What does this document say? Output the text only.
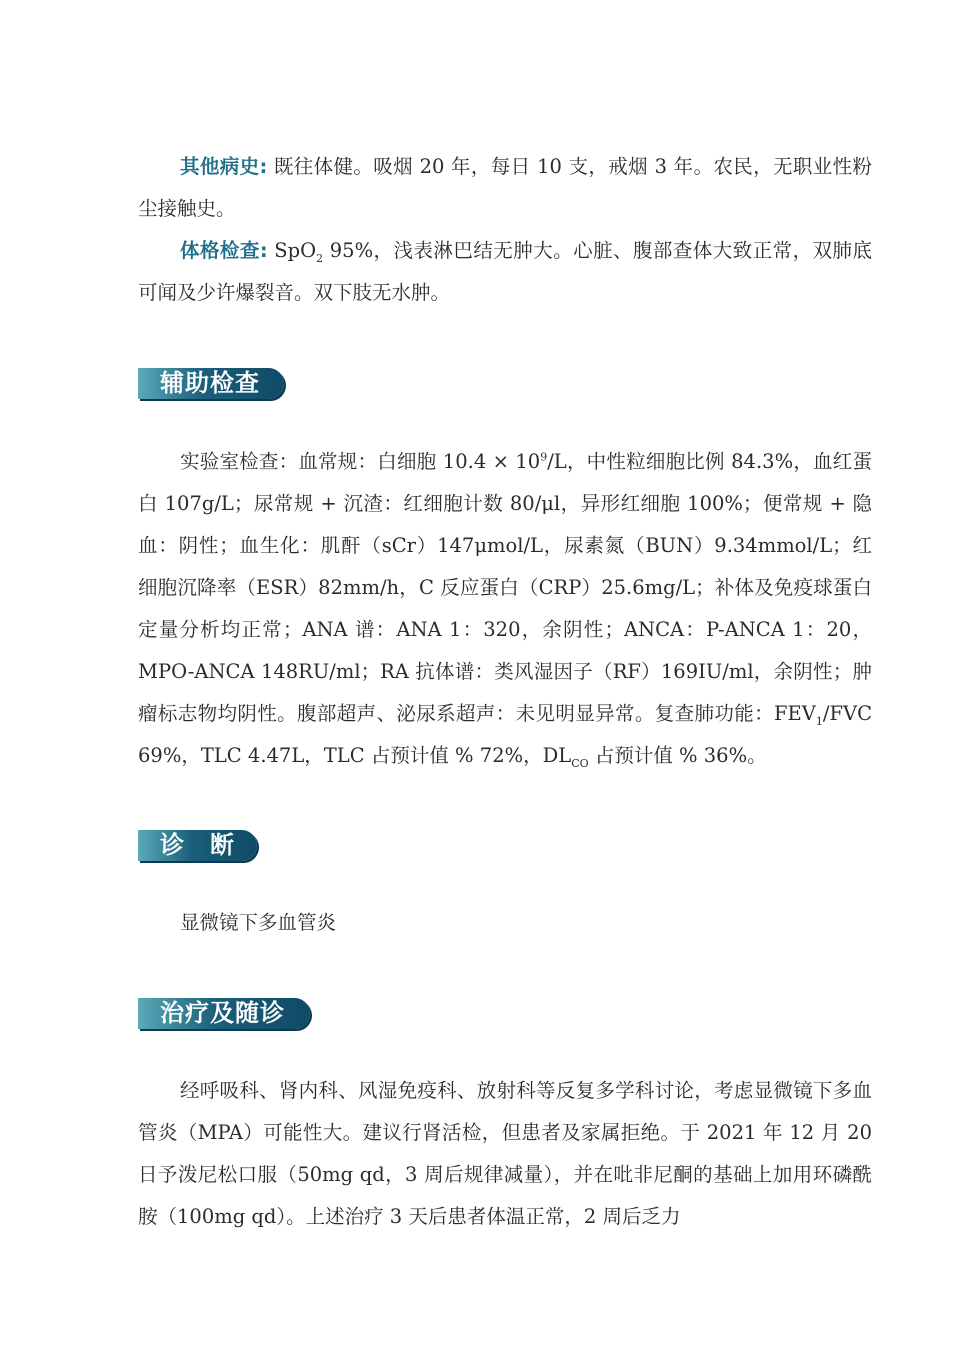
其他病史: 既往体健。吸烟 20 年，每日 10 支，戒烟 3 年。农民，无职业性粉尘接触史。

体格检查: SpO$_2$ 95%，浅表淋巴结无肿大。心脏、腹部查体大致正常，双肺底可闻及少许爆裂音。双下肢无水肿。

辅助检查

实验室检查：血常规：白细胞 $10.4 \times 10^9/L$，中性粒细胞比例 84.3%，血红蛋白 107g/L；尿常规 + 沉渣：红细胞计数 80/μl，异形红细胞 100%；便常规 + 隐血：阴性；血生化：肌酐（sCr）147μmol/L，尿素氮（BUN）9.34mmol/L；红细胞沉降率（ESR）82mm/h，C 反应蛋白（CRP）25.6mg/L；补体及免疫球蛋白定量分析均正常；ANA 谱：ANA 1：320，余阴性；ANCA：P-ANCA 1：20，MPO-ANCA 148RU/ml；RA 抗体谱：类风湿因子（RF）169IU/ml，余阴性；肿瘤标志物均阴性。腹部超声、泌尿系超声：未见明显异常。复查肺功能：$FEV_1$/FVC 69%，TLC 4.47L，TLC 占预计值 % 72%，$DL_{CO}$ 占预计值 % 36%。

诊　断

显微镜下多血管炎

治疗及随诊

经呼吸科、肾内科、风湿免疫科、放射科等反复多学科讨论，考虑显微镜下多血管炎（MPA）可能性大。建议行肾活检，但患者及家属拒绝。于 2021 年 12 月 20 日予泼尼松口服（50mg qd，3 周后规律减量），并在吡非尼酮的基础上加用环磷酰胺（100mg qd）。上述治疗 3 天后患者体温正常，2 周后乏力
